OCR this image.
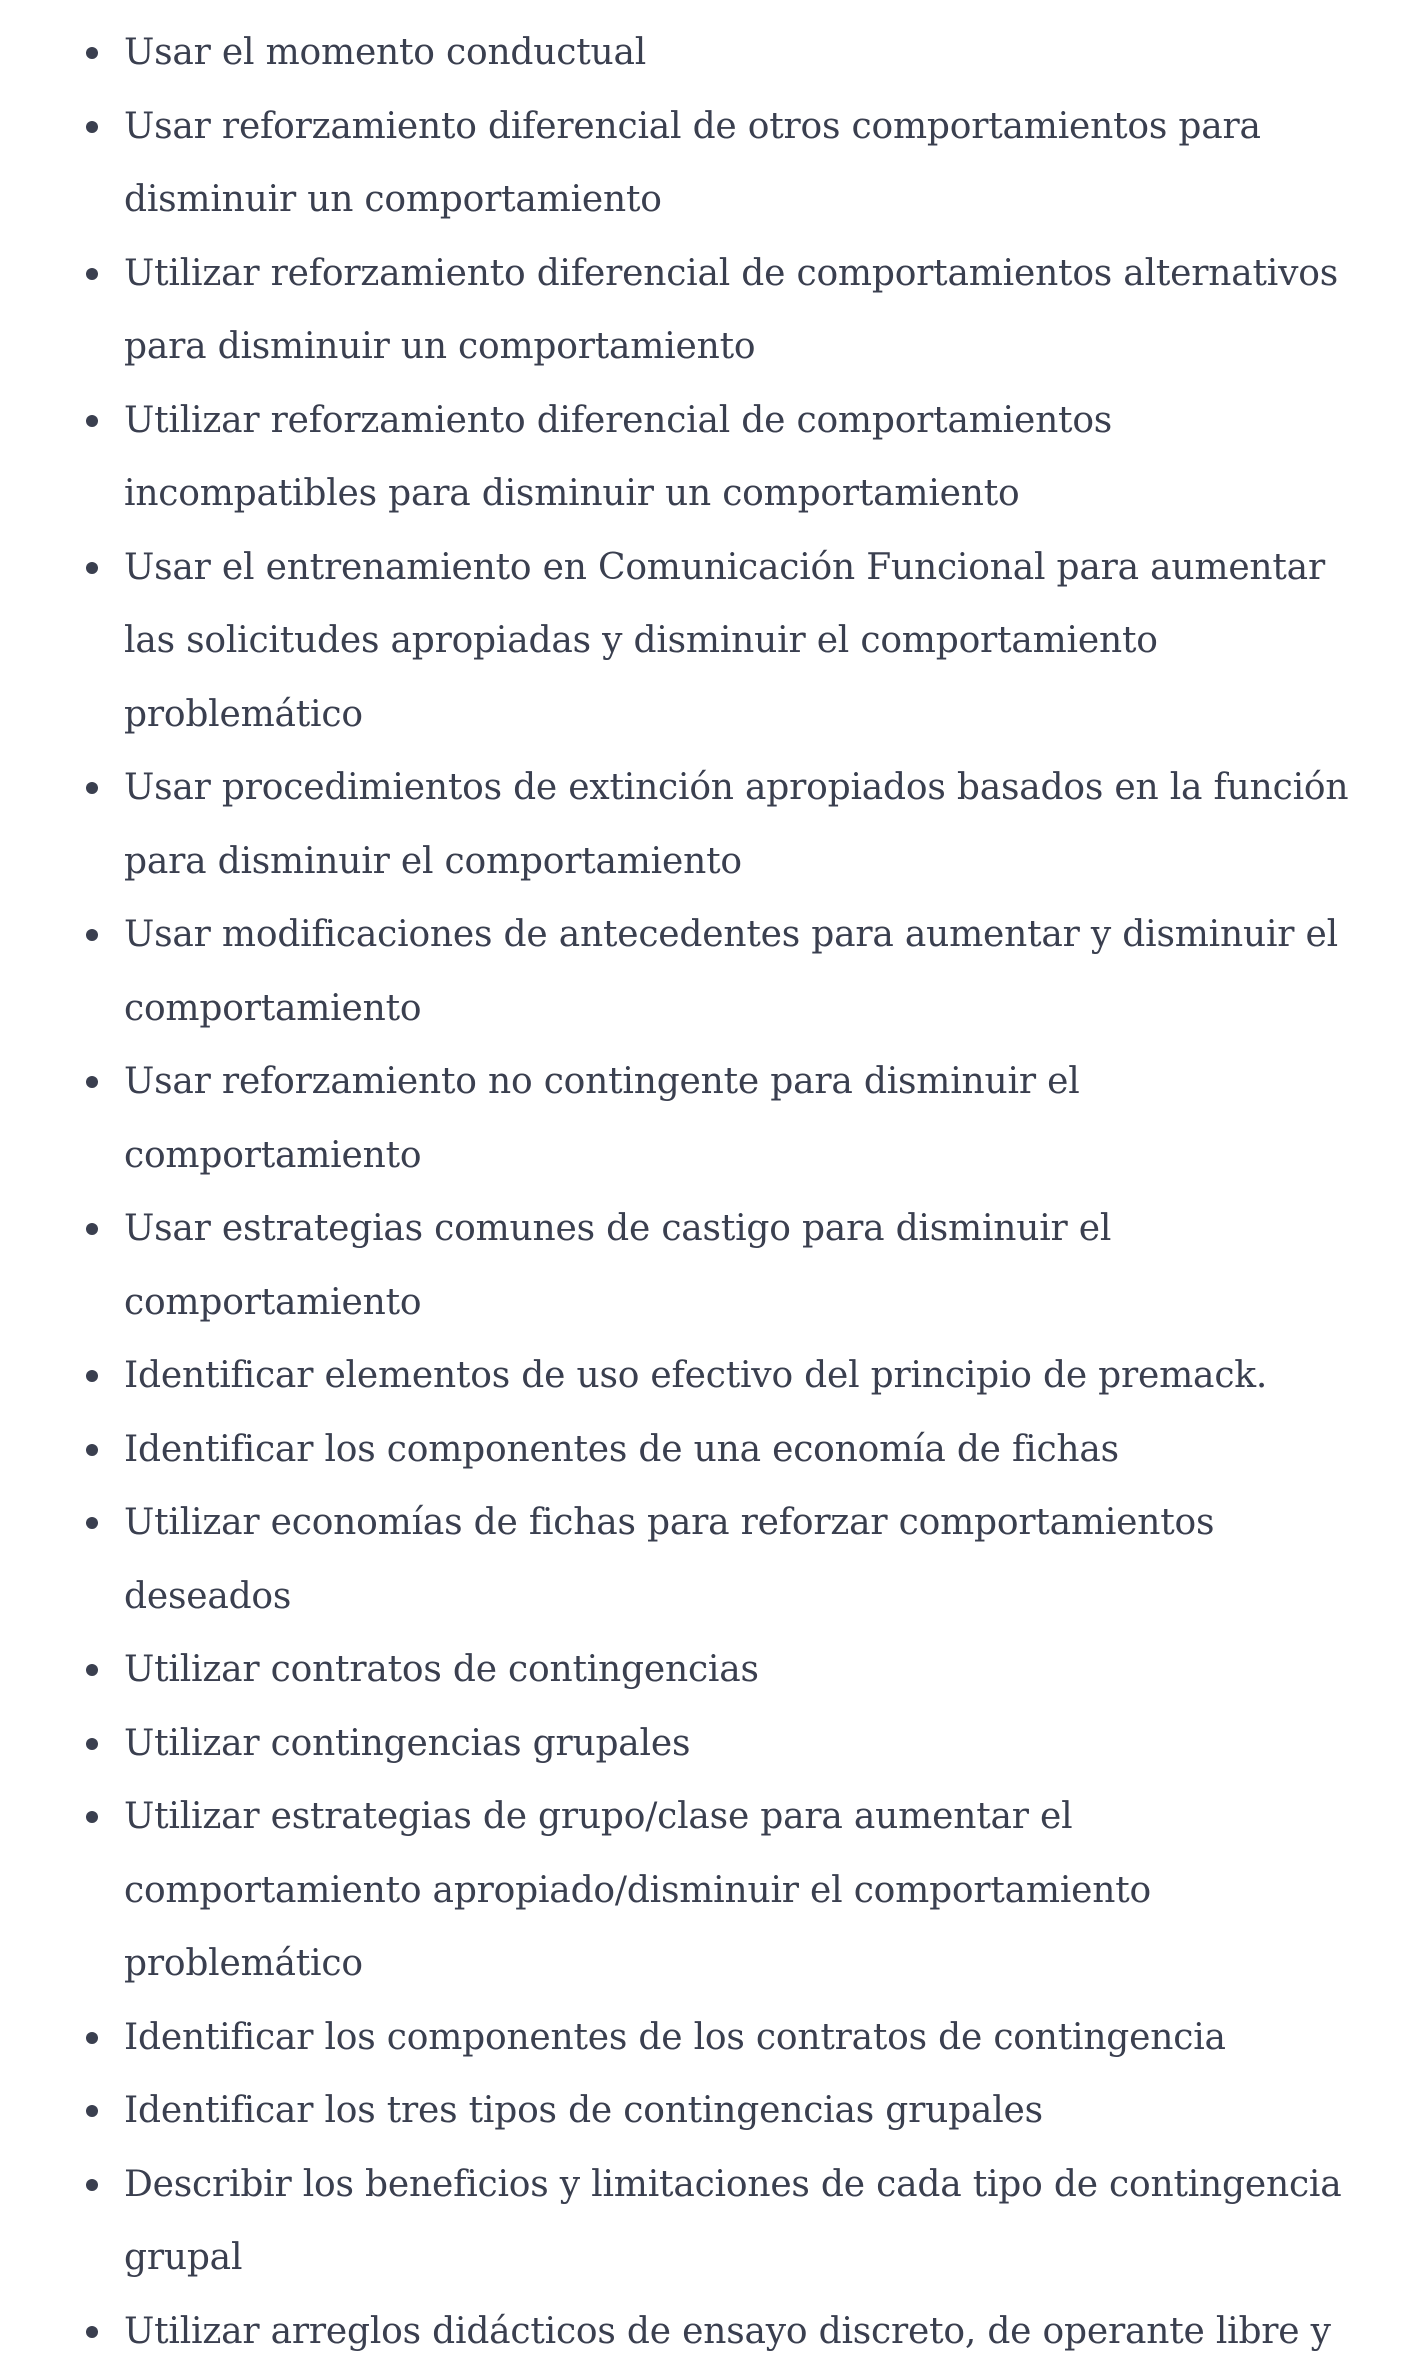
Usar el momento conductual
Usar reforzamiento diferencial de otros comportamientos para disminuir un comportamiento
Utilizar reforzamiento diferencial de comportamientos alternativos para disminuir un comportamiento
Utilizar reforzamiento diferencial de comportamientos incompatibles para disminuir un comportamiento
Usar el entrenamiento en Comunicación Funcional para aumentar las solicitudes apropiadas y disminuir el comportamiento problemático
Usar procedimientos de extinción apropiados basados en la función para disminuir el comportamiento
Usar modificaciones de antecedentes para aumentar y disminuir el comportamiento
Usar reforzamiento no contingente para disminuir el comportamiento
Usar estrategias comunes de castigo para disminuir el comportamiento
Identificar elementos de uso efectivo del principio de premack.
Identificar los componentes de una economía de fichas
Utilizar economías de fichas para reforzar comportamientos deseados
Utilizar contratos de contingencias
Utilizar contingencias grupales
Utilizar estrategias de grupo/clase para aumentar el comportamiento apropiado/disminuir el comportamiento problemático
Identificar los componentes de los contratos de contingencia
Identificar los tres tipos de contingencias grupales
Describir los beneficios y limitaciones de cada tipo de contingencia grupal
Utilizar arreglos didácticos de ensayo discreto, de operante libre y
